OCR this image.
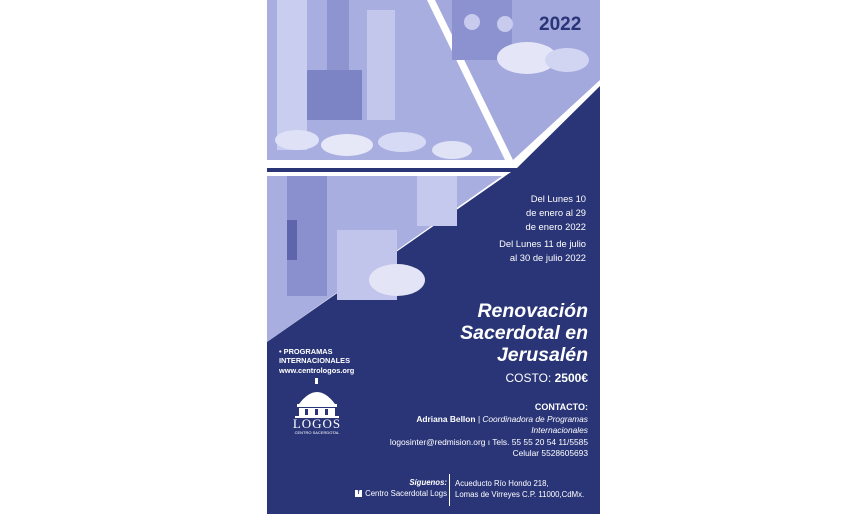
2022
Del Lunes 10
de enero al 29
de enero 2022
Del Lunes 11 de julio
al 30 de julio 2022
Renovación
Sacerdotal en
Jerusalén
COSTO: 2500€
CONTACTO:
Adriana Bellon | Coordinadora de Programas
Internacionales
logosinter@redmision.org ı Tels. 55 55 20 54 11/5585
Celular 5528605693
• PROGRAMAS
INTERNACIONALES
www.centrologos.org
LOGOS
CENTRO SACERDOTAL
Síguenos:
f Centro Sacerdotal Logs
Acueducto Río Hondo 218,
Lomas de Virreyes C.P. 11000,CdMx.
